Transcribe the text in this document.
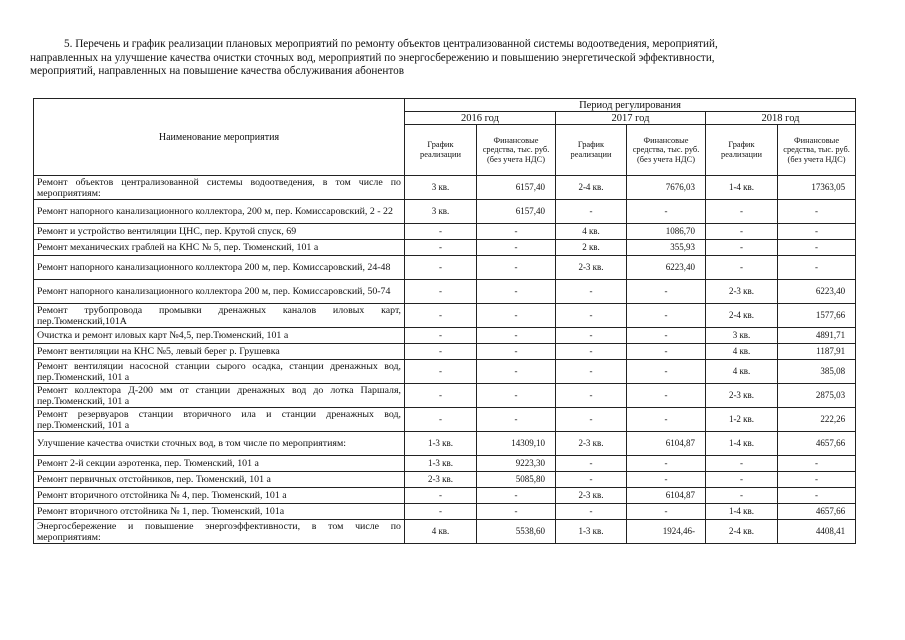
5. Перечень и график реализации плановых мероприятий по ремонту объектов централизованной системы водоотведения, мероприятий,

направленных на улучшение качества очистки сточных вод, мероприятий по энергосбережению и повышению энергетической эффективности,

мероприятий, направленных на повышение качества обслуживания абонентов

Наименование мероприятия	Период регулирования					
	2016 год		2017 год		2018 год	
	График реализации	Финансовые средства, тыс. руб. (без учета НДС)	График реализации	Финансовые средства, тыс. руб. (без учета НДС)	График реализации	Финансовые средства, тыс. руб. (без учета НДС)
Ремонт объектов централизованной системы водоотведения, в том числе по мероприятиям:	3 кв.	6157,40	2-4 кв.	7676,03	1-4 кв.	17363,05
Ремонт напорного канализационного коллектора, 200 м, пер. Комиссаровский, 2 - 22	3 кв.	6157,40	-	-	-	-
Ремонт и устройство вентиляции ЦНС, пер. Крутой спуск, 69	-	-	4 кв.	1086,70	-	-
Ремонт механических граблей на КНС № 5, пер. Тюменский, 101 а	-	-	2 кв.	355,93	-	-
Ремонт напорного канализационного коллектора 200 м, пер. Комиссаровский, 24-48	-	-	2-3 кв.	6223,40	-	-
Ремонт напорного канализационного коллектора 200 м, пер. Комиссаровский, 50-74	-	-	-	-	2-3 кв.	6223,40
Ремонт трубопровода промывки дренажных каналов иловых карт, пер.Тюменский,101А	-	-	-	-	2-4 кв.	1577,66
Очистка и ремонт иловых карт №4,5, пер.Тюменский, 101 а	-	-	-	-	3 кв.	4891,71
Ремонт вентиляции на КНС №5, левый берег р. Грушевка	-	-	-	-	4 кв.	1187,91
Ремонт вентиляции насосной станции сырого осадка, станции дренажных вод, пер.Тюменский, 101 а	-	-	-	-	4 кв.	385,08
Ремонт коллектора Д-200 мм от станции дренажных вод до лотка Паршаля, пер.Тюменский, 101 а	-	-	-	-	2-3 кв.	2875,03
Ремонт резервуаров станции вторичного ила и станции дренажных вод, пер.Тюменский, 101 а	-	-	-	-	1-2 кв.	222,26
Улучшение качества очистки сточных вод, в том числе по мероприятиям:	1-3 кв.	14309,10	2-3 кв.	6104,87	1-4 кв.	4657,66
Ремонт 2-й секции аэротенка, пер. Тюменский, 101 а	1-3 кв.	9223,30	-	-	-	-
Ремонт первичных отстойников, пер. Тюменский, 101 а	2-3 кв.	5085,80	-	-	-	-
Ремонт вторичного отстойника № 4, пер. Тюменский, 101 а	-	-	2-3 кв.	6104,87	-	-
Ремонт вторичного отстойника № 1, пер. Тюменский, 101а	-	-	-	-	1-4 кв.	4657,66
Энергосбережение и повышение энергоэффективности, в том числе по мероприятиям:	4 кв.	5538,60	1-3 кв.	1924,46-	2-4 кв.	4408,41
